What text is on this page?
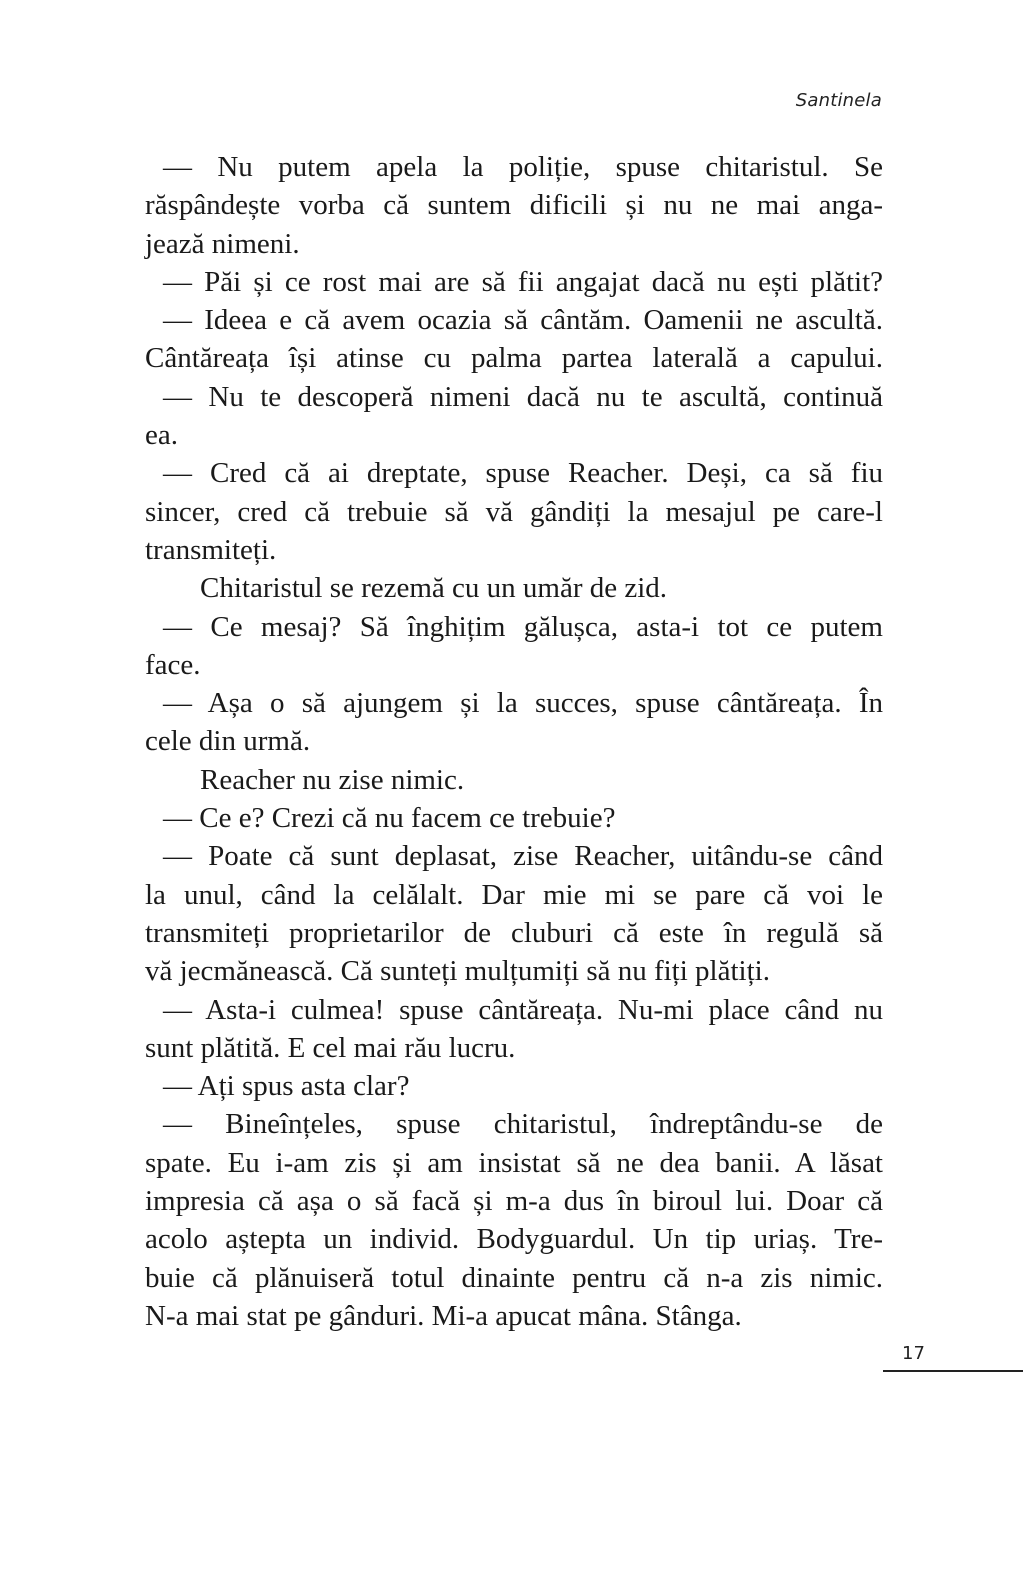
Santinela
— Nu putem apela la poliție, spuse chitaristul. Se
răspândește vorba că suntem dificili și nu ne mai anga-
jează nimeni.
— Păi și ce rost mai are să fii angajat dacă nu ești plătit?
— Ideea e că avem ocazia să cântăm. Oamenii ne ascultă.
Cântăreața își atinse cu palma partea laterală a capului.
— Nu te descoperă nimeni dacă nu te ascultă, continuă
ea.
— Cred că ai dreptate, spuse Reacher. Deși, ca să fiu
sincer, cred că trebuie să vă gândiți la mesajul pe care-l
transmiteți.
Chitaristul se rezemă cu un umăr de zid.
— Ce mesaj? Să înghițim gălușca, asta-i tot ce putem
face.
— Așa o să ajungem și la succes, spuse cântăreața. În
cele din urmă.
Reacher nu zise nimic.
— Ce e? Crezi că nu facem ce trebuie?
— Poate că sunt deplasat, zise Reacher, uitându-se când
la unul, când la celălalt. Dar mie mi se pare că voi le
transmiteți proprietarilor de cluburi că este în regulă să
vă jecmănească. Că sunteți mulțumiți să nu fiți plătiți.
— Asta-i culmea! spuse cântăreața. Nu-mi place când nu
sunt plătită. E cel mai rău lucru.
— Ați spus asta clar?
— Bineînțeles, spuse chitaristul, îndreptându-se de
spate. Eu i-am zis și am insistat să ne dea banii. A lăsat
impresia că așa o să facă și m-a dus în biroul lui. Doar că
acolo aștepta un individ. Bodyguardul. Un tip uriaș. Tre-
buie că plănuiseră totul dinainte pentru că n-a zis nimic.
N-a mai stat pe gânduri. Mi-a apucat mâna. Stânga.
17
